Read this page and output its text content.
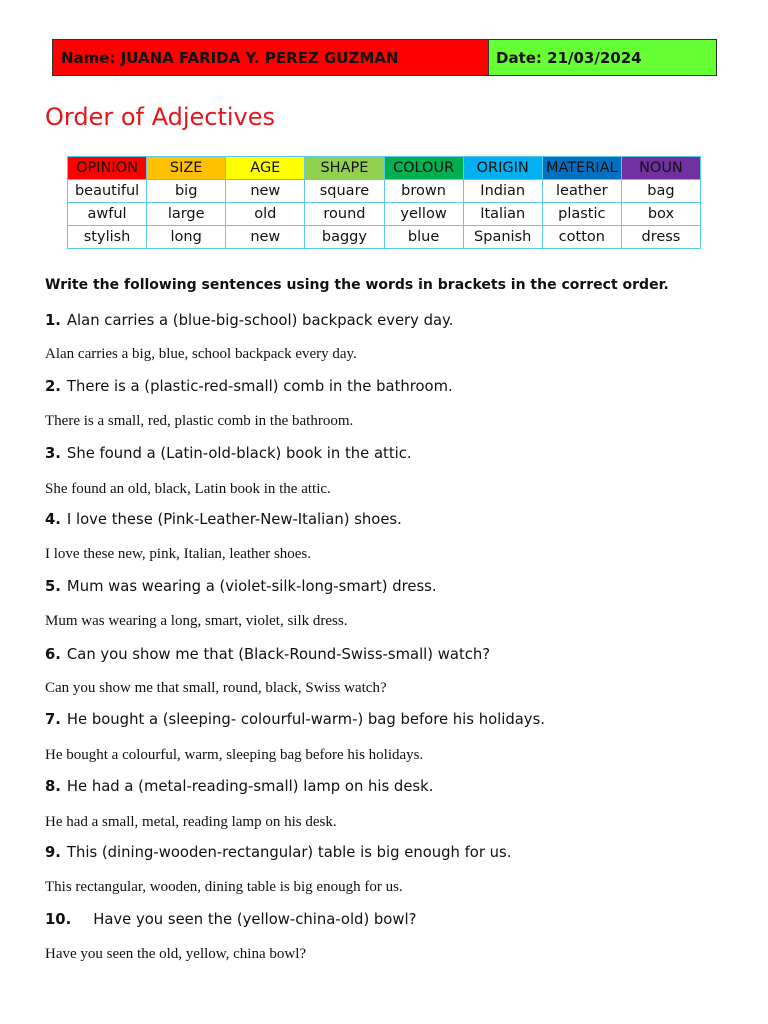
Name: JUANA FARIDA Y. PEREZ GUZMAN	Date: 21/03/2024
Order of Adjectives
OPINION	SIZE	AGE	SHAPE	COLOUR	ORIGIN	MATERIAL	NOUN
beautiful	big	new	square	brown	Indian	leather	bag
awful	large	old	round	yellow	Italian	plastic	box
stylish	long	new	baggy	blue	Spanish	cotton	dress

Write the following sentences using the words in brackets in the correct order.

1. Alan carries a (blue-big-school) backpack every day.

Alan carries a big, blue, school backpack every day.

2. There is a (plastic-red-small) comb in the bathroom.

There is a small, red, plastic comb in the bathroom.

3. She found a (Latin-old-black) book in the attic.

She found an old, black, Latin book in the attic.

4. I love these (Pink-Leather-New-Italian) shoes.

I love these new, pink, Italian, leather shoes.

5. Mum was wearing a (violet-silk-long-smart) dress.

Mum was wearing a long, smart, violet, silk dress.

6. Can you show me that (Black-Round-Swiss-small) watch?

Can you show me that small, round, black, Swiss watch?

7. He bought a (sleeping- colourful-warm-) bag before his holidays.

He bought a colourful, warm, sleeping bag before his holidays.

8. He had a (metal-reading-small) lamp on his desk.

He had a small, metal, reading lamp on his desk.

9. This (dining-wooden-rectangular) table is big enough for us.

This rectangular, wooden, dining table is big enough for us.

10. Have you seen the (yellow-china-old) bowl?

Have you seen the old, yellow, china bowl?
